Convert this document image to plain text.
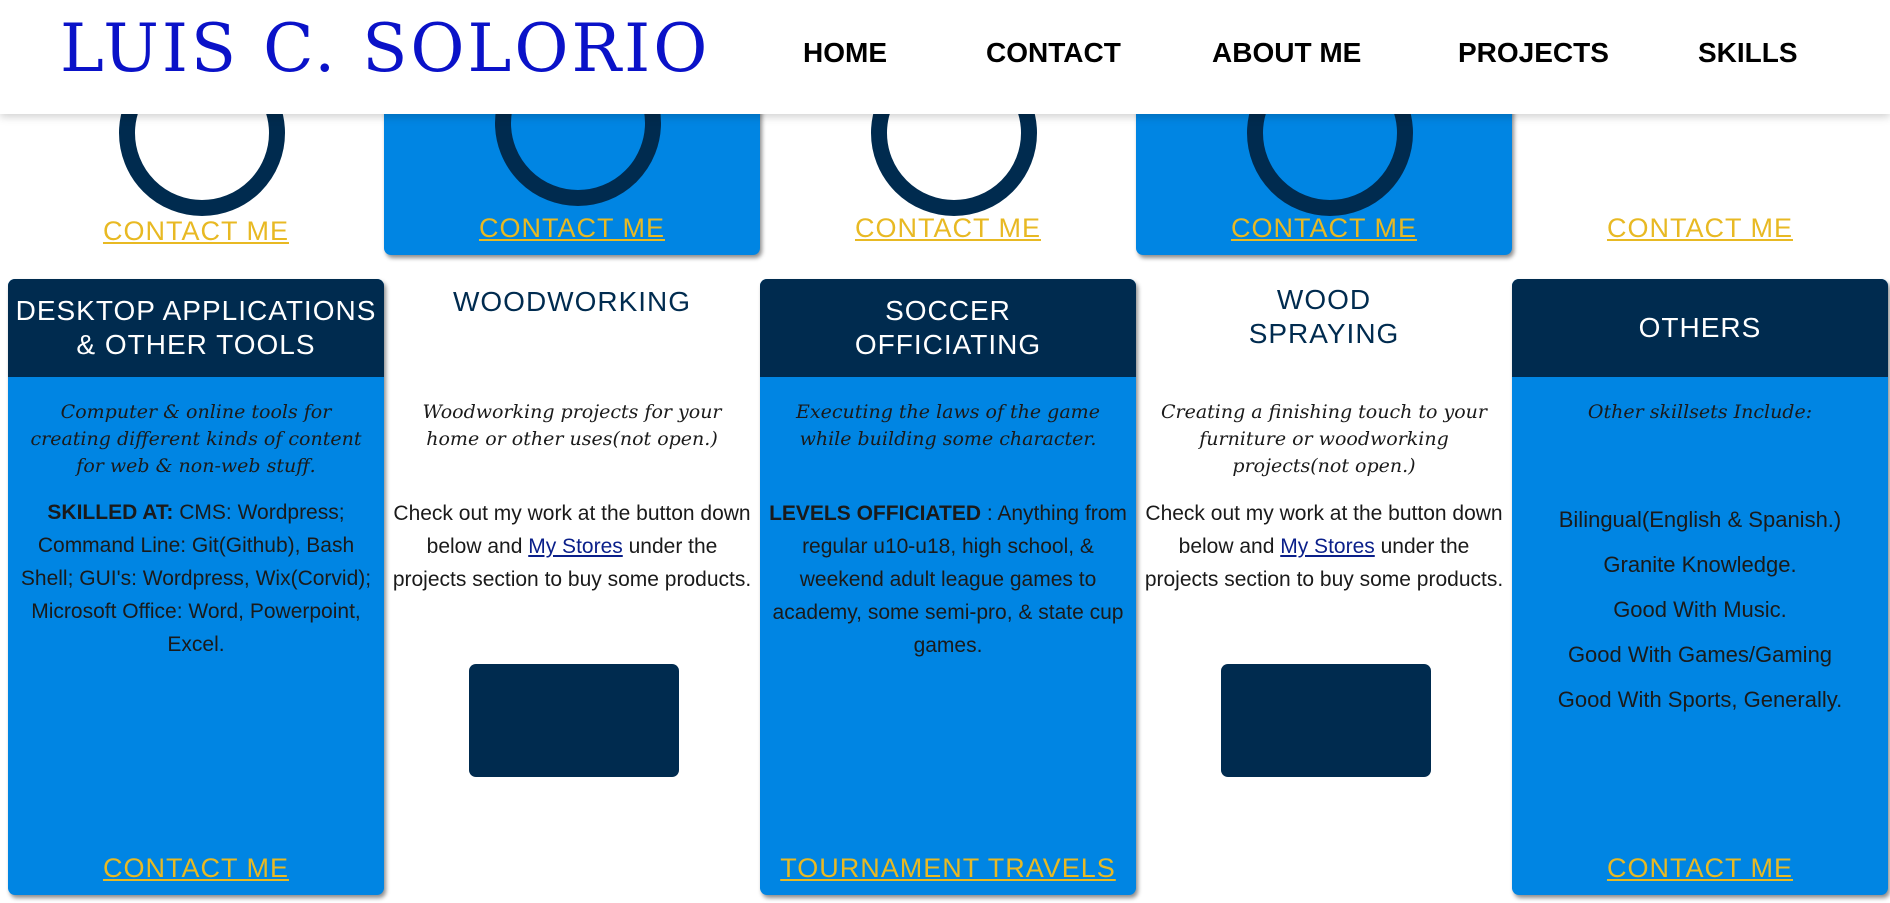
CONTACT ME	CONTACT ME	CONTACT ME	CONTACT ME	CONTACT ME
LUIS C. SOLORIO	HOME	CONTACT	ABOUT ME	PROJECTS	SKILLS
DESKTOP APPLICATIONS
& OTHER TOOLS
Computer & online tools for creating different kinds of content for web & non-web stuff.
SKILLED AT: CMS: Wordpress; Command Line: Git(Github), Bash Shell; GUI's: Wordpress, Wix(Corvid); Microsoft Office: Word, Powerpoint, Excel.
CONTACT ME
WOODWORKING
Woodworking projects for your home or other uses(not open.)
Check out my work at the button down below and My Stores under the projects section to buy some products.
SOCCER
OFFICIATING
Executing the laws of the game while building some character.
LEVELS OFFICIATED : Anything from regular u10-u18, high school, & weekend adult league games to academy, some semi-pro, & state cup games.
TOURNAMENT TRAVELS
WOOD
SPRAYING
Creating a finishing touch to your furniture or woodworking projects(not open.)
Check out my work at the button down below and My Stores under the projects section to buy some products.
OTHERS
Other skillsets Include:
Bilingual(English & Spanish.)
Granite Knowledge.
Good With Music.
Good With Games/Gaming
Good With Sports, Generally.
CONTACT ME
